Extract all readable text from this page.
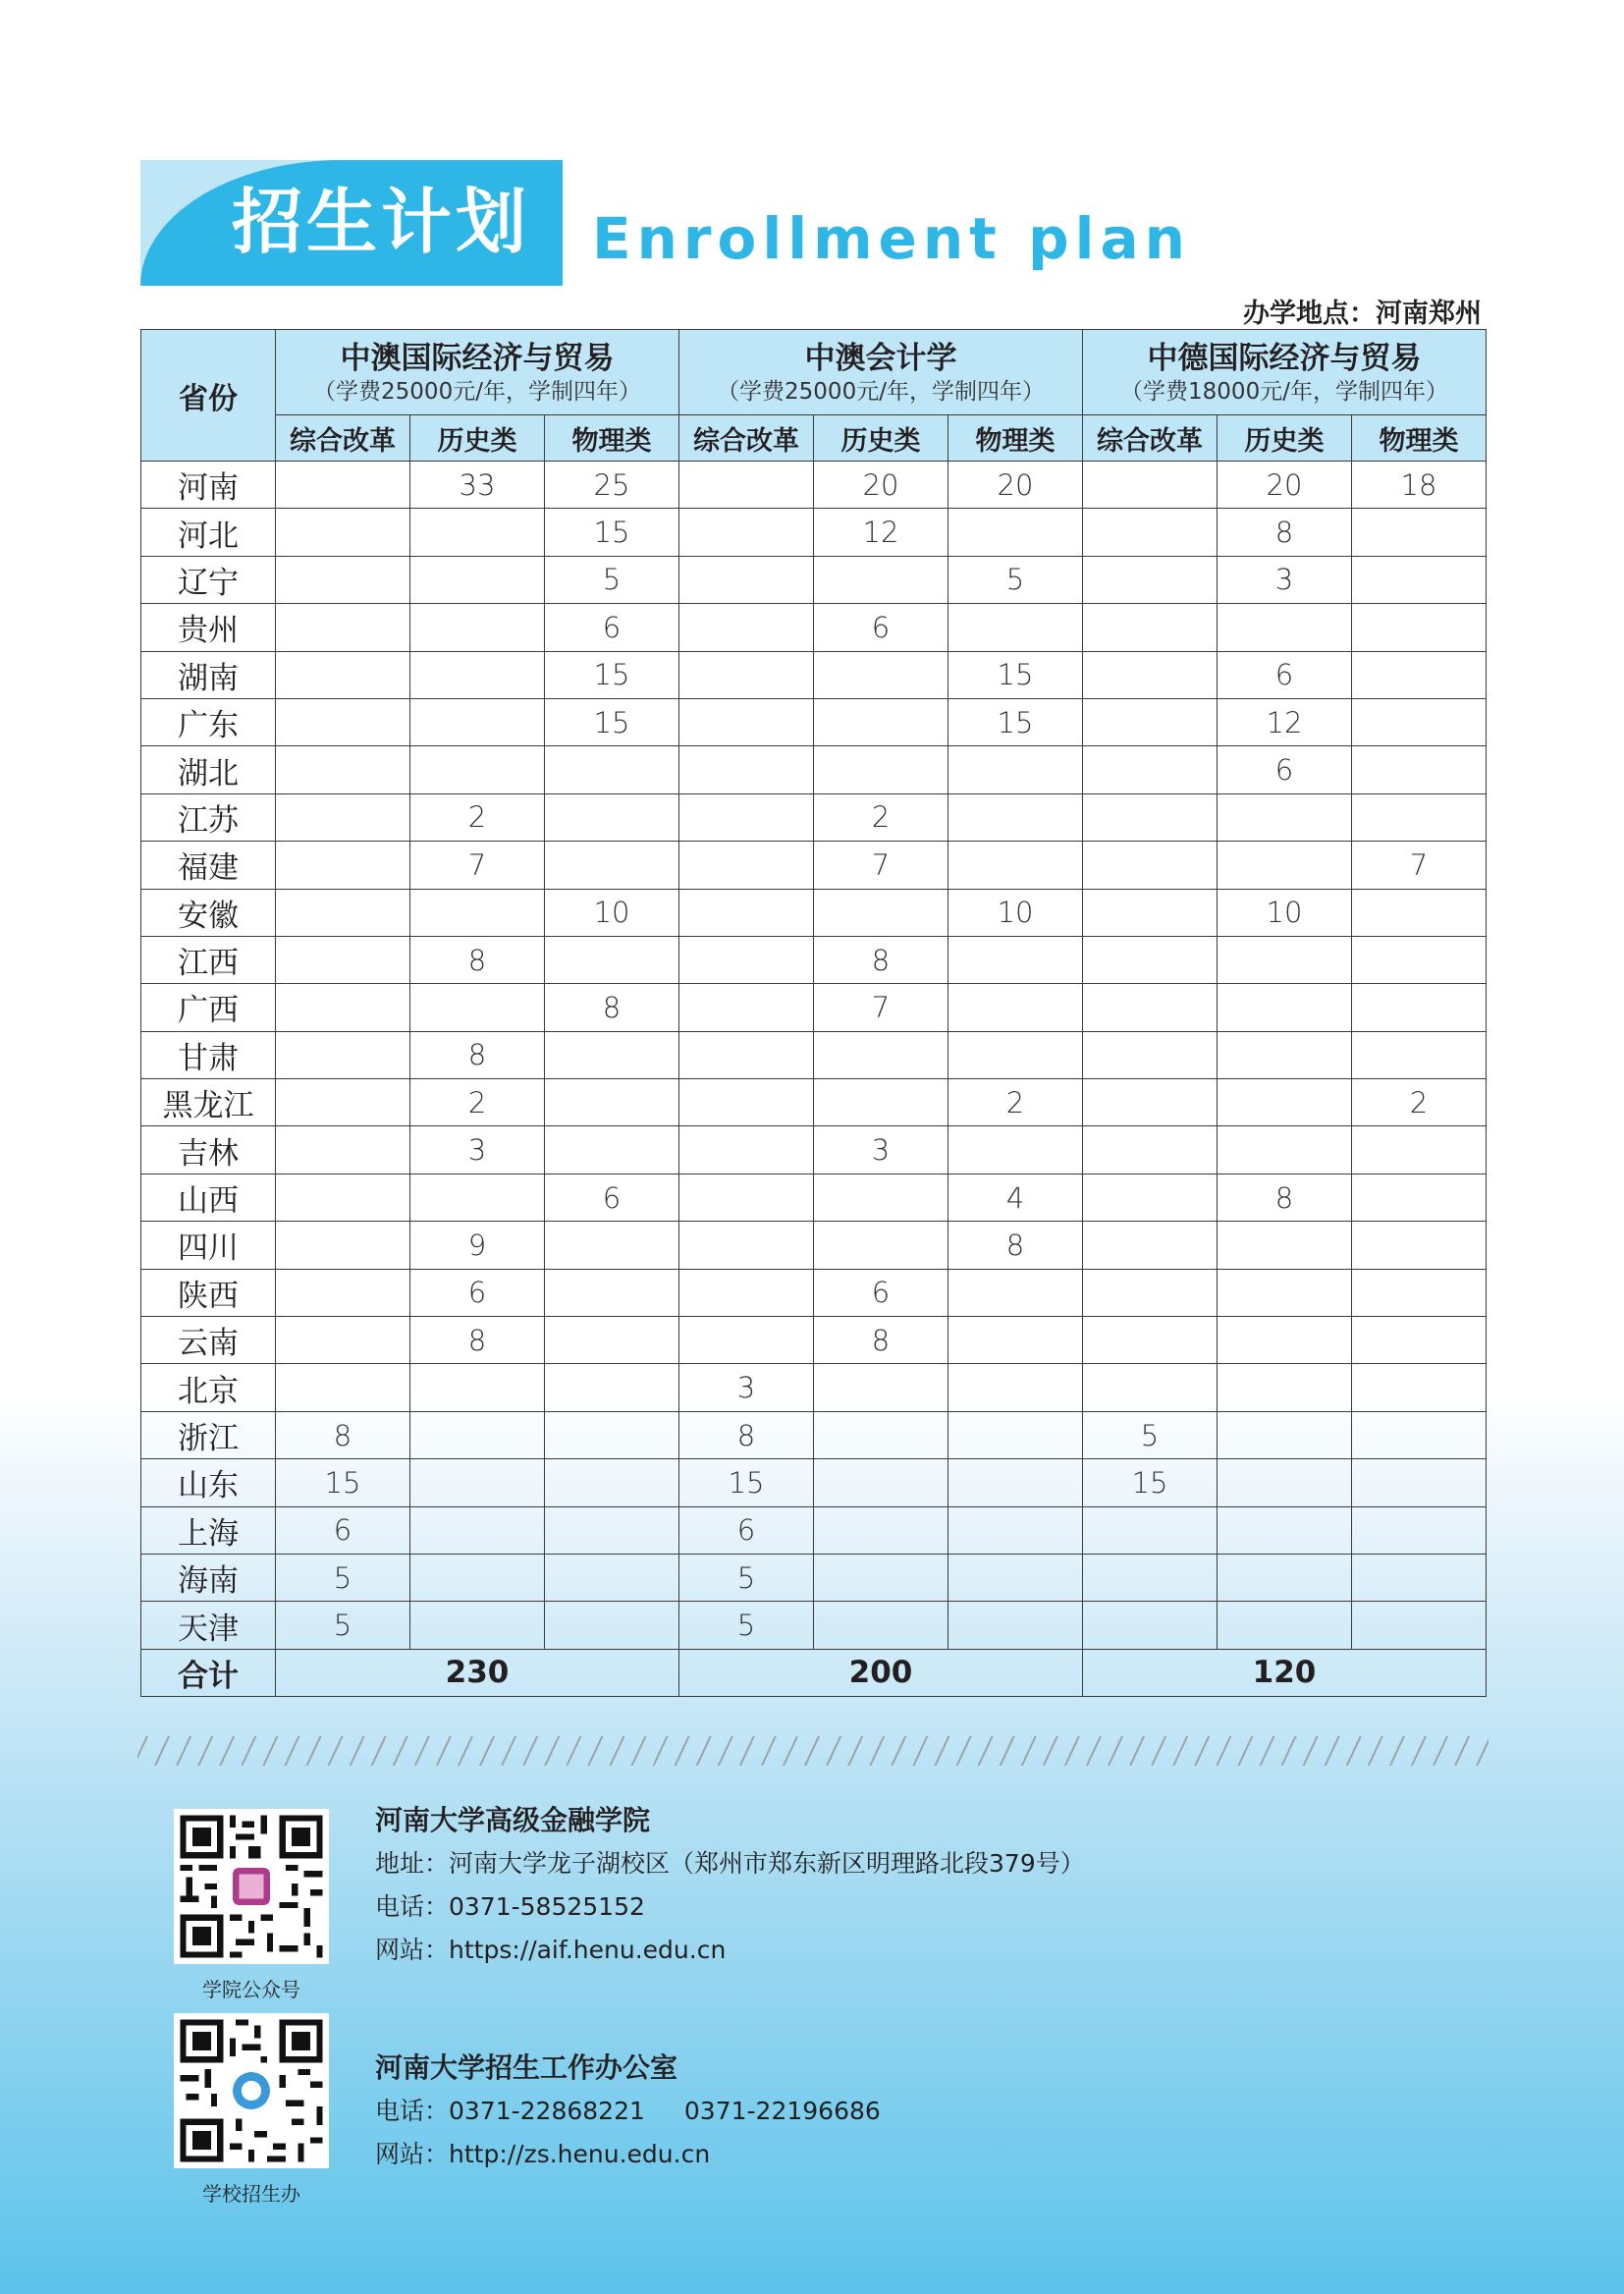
招生计划 Enrollment plan
办学地点：河南郑州
省份	中澳国际经济与贸易
（学费25000元/年，学制四年）			中澳会计学
（学费25000元/年，学制四年）			中德国际经济与贸易
（学费18000元/年，学制四年）		

	综合改革	历史类	物理类	综合改革	历史类	物理类	综合改革	历史类	物理类
河南		33	25		20	20		20	18
河北			15		12			8	
辽宁			5			5		3	
贵州			6		6				
湖南			15			15		6	
广东			15			15		12	
湖北								6	
江苏		2			2				
福建		7			7				7
安徽			10			10		10	
江西		8			8				
广西			8		7				
甘肃		8							
黑龙江		2				2			2
吉林		3			3				
山西			6			4		8	
四川		9				8			
陕西		6			6				
云南		8			8				
北京				3					
浙江	8			8			5		
山东	15			15			15		
上海	6			6					
海南	5			5					
天津	5			5					
合计	230			200			120		
学院公众号
河南大学高级金融学院
地址：河南大学龙子湖校区（郑州市郑东新区明理路北段379号）
电话：0371-58525152
网站：https://aif.henu.edu.cn
学校招生办
河南大学招生工作办公室
电话：0371-22868221 0371-22196686
网站：http://zs.henu.edu.cn
